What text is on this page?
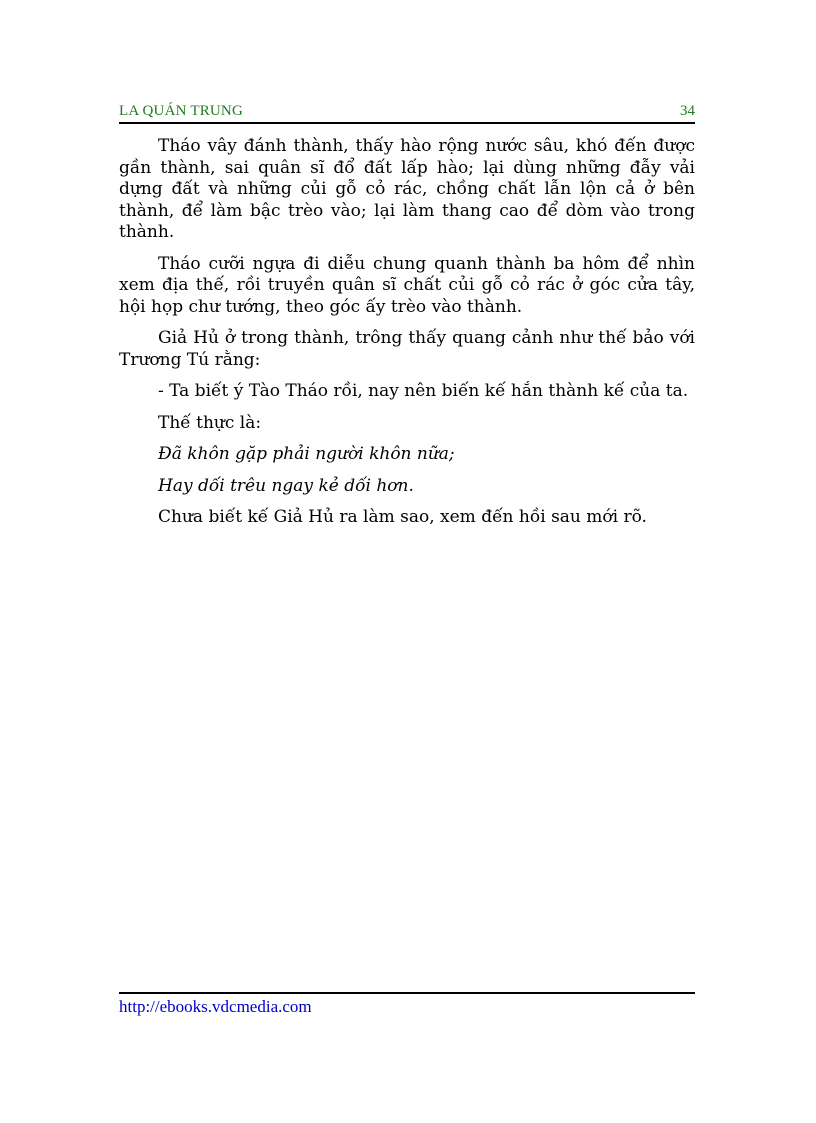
LA QUÁN TRUNG	34

Tháo vây đánh thành, thấy hào rộng nước sâu, khó đến được gần thành, sai quân sĩ đổ đất lấp hào; lại dùng những đẫy vải dựng đất và những củi gỗ cỏ rác, chồng chất lẫn lộn cả ở bên thành, để làm bậc trèo vào; lại làm thang cao để dòm vào trong thành.

Tháo cưỡi ngựa đi diễu chung quanh thành ba hôm để nhìn xem địa thế, rồi truyền quân sĩ chất củi gỗ cỏ rác ở góc cửa tây, hội họp chư tướng, theo góc ấy trèo vào thành.

Giả Hủ ở trong thành, trông thấy quang cảnh như thế bảo với Trương Tú rằng:

- Ta biết ý Tào Tháo rồi, nay nên biến kế hắn thành kế của ta.

Thế thực là:

Đã khôn gặp phải người khôn nữa;

Hay dối trêu ngay kẻ dối hơn.

Chưa biết kế Giả Hủ ra làm sao, xem đến hồi sau mới rõ.

http://ebooks.vdcmedia.com
